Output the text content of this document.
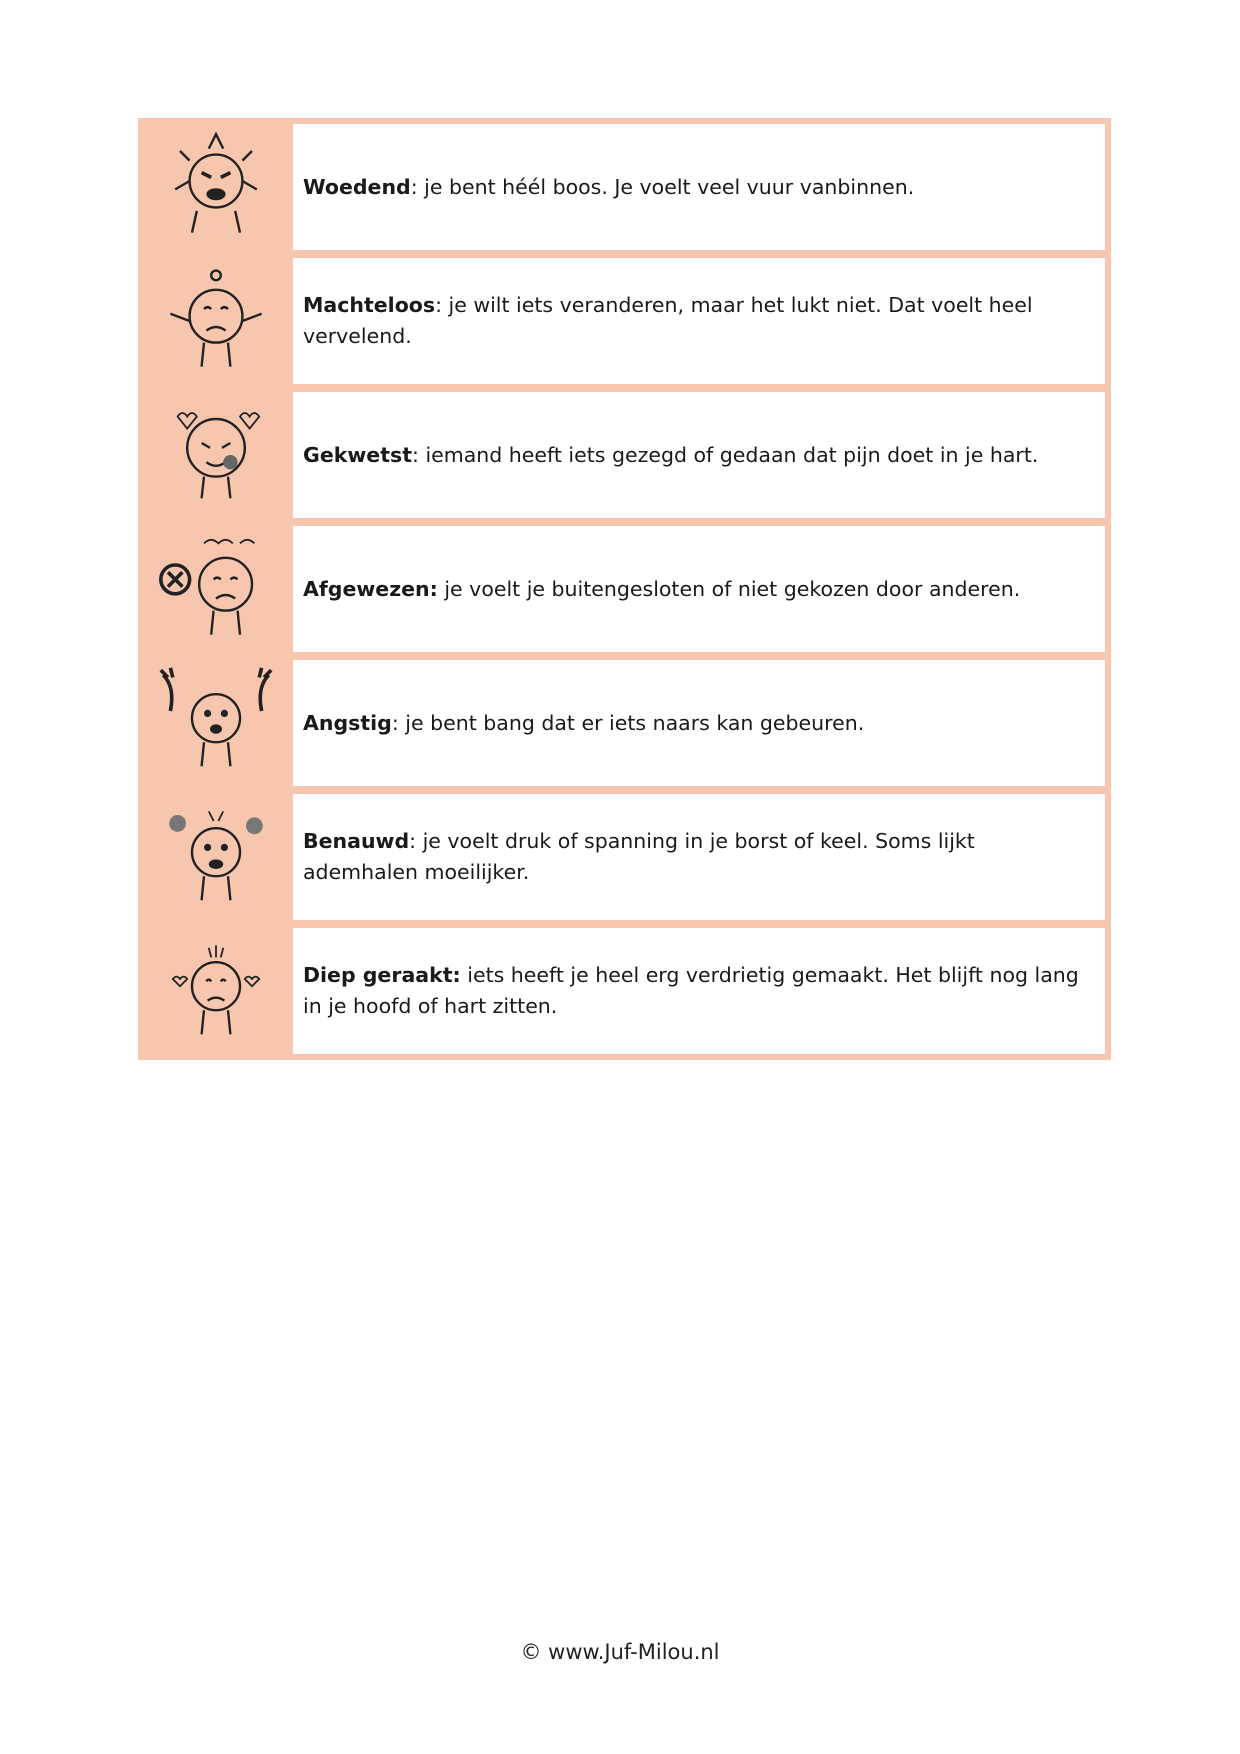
Woedend: je bent héél boos. Je voelt veel vuur vanbinnen.
Machteloos: je wilt iets veranderen, maar het lukt niet. Dat voelt heel vervelend.
Gekwetst: iemand heeft iets gezegd of gedaan dat pijn doet in je hart.
Afgewezen: je voelt je buitengesloten of niet gekozen door anderen.
Angstig: je bent bang dat er iets naars kan gebeuren.
Benauwd: je voelt druk of spanning in je borst of keel. Soms lijkt ademhalen moeilijker.
Diep geraakt: iets heeft je heel erg verdrietig gemaakt. Het blijft nog lang in je hoofd of hart zitten.
© www.Juf-Milou.nl
